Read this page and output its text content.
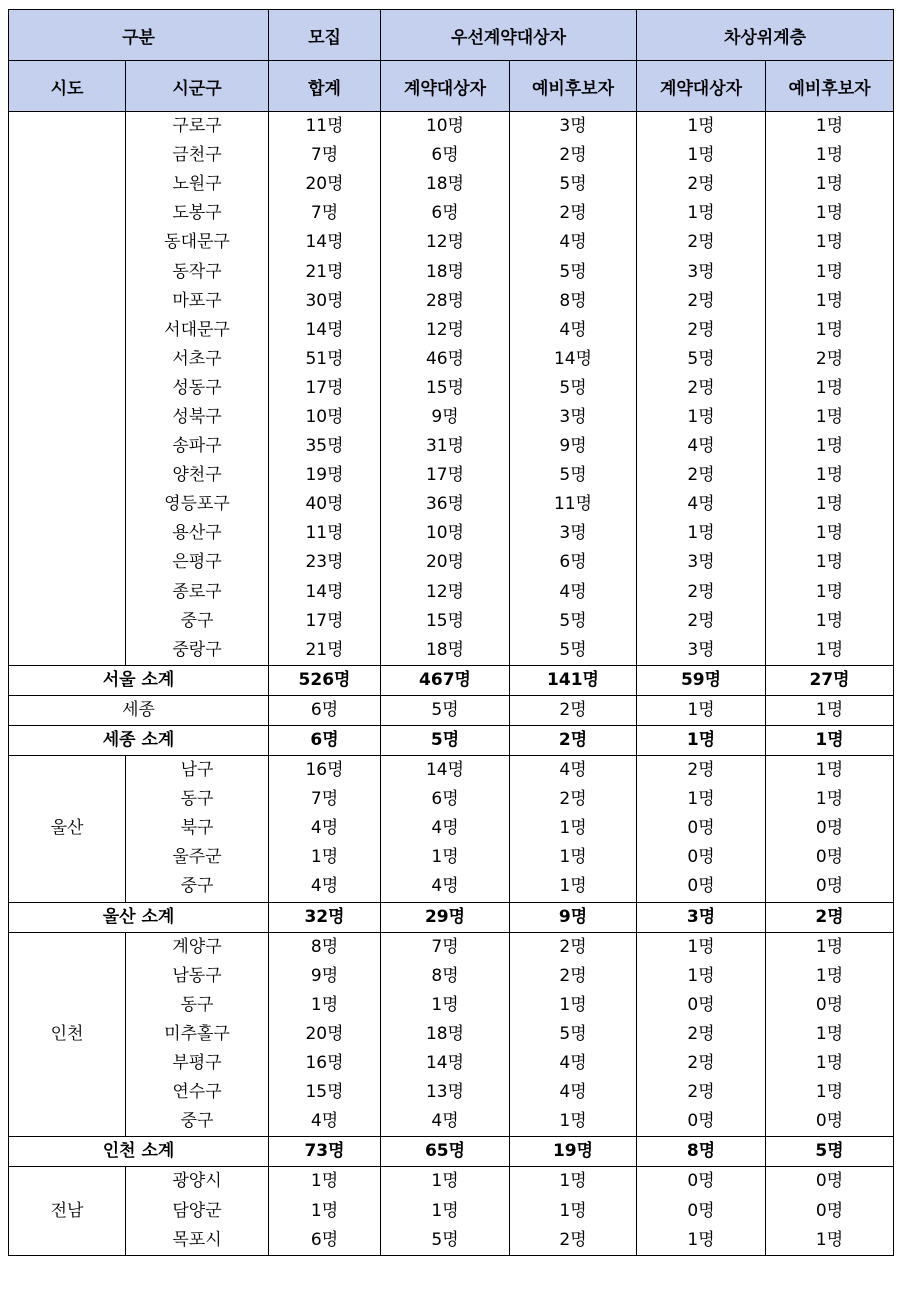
구분		모집	우선계약대상자		차상위계층	
시도	시군구	합계	계약대상자	예비후보자	계약대상자	예비후보자
	구로구	11명	10명	3명	1명	1명
	금천구	7명	6명	2명	1명	1명
	노원구	20명	18명	5명	2명	1명
	도봉구	7명	6명	2명	1명	1명
	동대문구	14명	12명	4명	2명	1명
	동작구	21명	18명	5명	3명	1명
	마포구	30명	28명	8명	2명	1명
	서대문구	14명	12명	4명	2명	1명
	서초구	51명	46명	14명	5명	2명
	성동구	17명	15명	5명	2명	1명
	성북구	10명	9명	3명	1명	1명
	송파구	35명	31명	9명	4명	1명
	양천구	19명	17명	5명	2명	1명
	영등포구	40명	36명	11명	4명	1명
	용산구	11명	10명	3명	1명	1명
	은평구	23명	20명	6명	3명	1명
	종로구	14명	12명	4명	2명	1명
	중구	17명	15명	5명	2명	1명
	중랑구	21명	18명	5명	3명	1명
서울 소계		526명	467명	141명	59명	27명
세종		6명	5명	2명	1명	1명
세종 소계		6명	5명	2명	1명	1명
울산	남구	16명	14명	4명	2명	1명
	동구	7명	6명	2명	1명	1명
	북구	4명	4명	1명	0명	0명
	울주군	1명	1명	1명	0명	0명
	중구	4명	4명	1명	0명	0명
울산 소계		32명	29명	9명	3명	2명
인천	계양구	8명	7명	2명	1명	1명
	남동구	9명	8명	2명	1명	1명
	동구	1명	1명	1명	0명	0명
	미추홀구	20명	18명	5명	2명	1명
	부평구	16명	14명	4명	2명	1명
	연수구	15명	13명	4명	2명	1명
	중구	4명	4명	1명	0명	0명
인천 소계		73명	65명	19명	8명	5명
전남	광양시	1명	1명	1명	0명	0명
	담양군	1명	1명	1명	0명	0명
	목포시	6명	5명	2명	1명	1명
